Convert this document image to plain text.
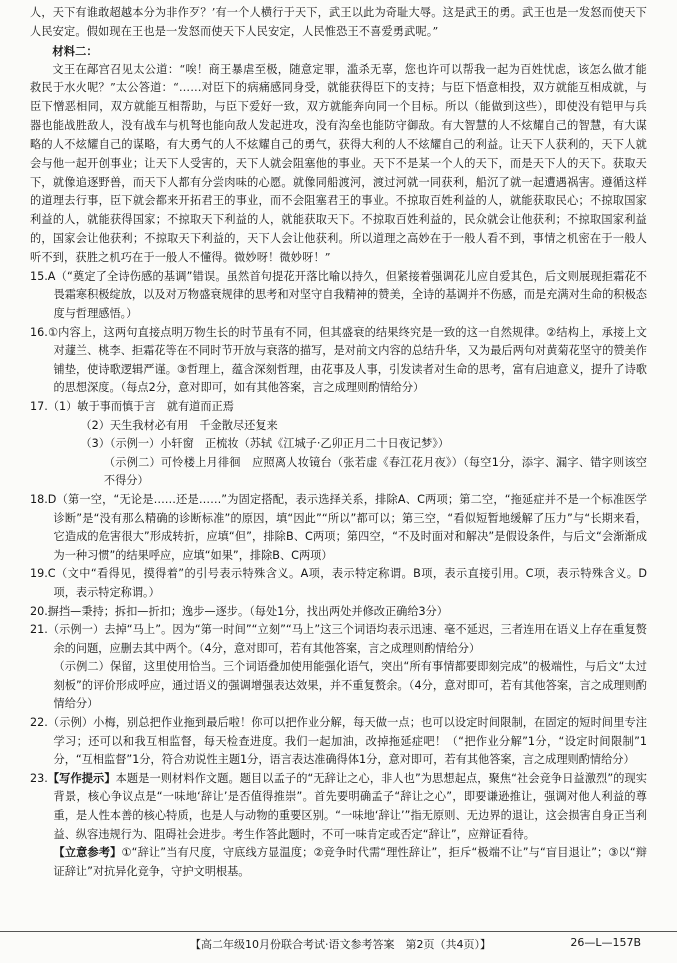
人，天下有谁敢超越本分为非作歹？’有一个人横行于天下，武王以此为奇耻大辱。这是武王的勇。武王也是一发怒而使天下人民安定。假如现在王也是一发怒而使天下人民安定，人民惟恐王不喜爱勇武呢。”

材料二：

文王在鄗宫召见太公道：“唉！商王暴虐至极，随意定罪，滥杀无辜，您也许可以帮我一起为百姓忧虑，该怎么做才能救民于水火呢？”太公答道：“……对臣下的病痛感同身受，就能获得臣下的支持；与臣下悟意相投，双方就能互相成就，与臣下憎恶相同，双方就能互相帮助，与臣下爱好一致，双方就能奔向同一个目标。所以（能做到这些），即使没有铠甲与兵器也能战胜敌人，没有战车与机弩也能向敌人发起进攻，没有沟垒也能防守御敌。有大智慧的人不炫耀自己的智慧，有大谋略的人不炫耀自己的谋略，有大勇气的人不炫耀自己的勇气，获得大利的人不炫耀自己的利益。让天下人获利的，天下人就会与他一起开创事业；让天下人受害的，天下人就会阻塞他的事业。天下不是某一个人的天下，而是天下人的天下。获取天下，就像追逐野兽，而天下人都有分尝肉味的心愿。就像同船渡河，渡过河就一同获利，船沉了就一起遭遇祸害。遵循这样的道理去行事，臣下就会都来开拓君王的事业，而不会阻塞君王的事业。不掠取百姓利益的人，就能获取民心；不掠取国家利益的人，就能获得国家；不掠取天下利益的人，就能获取天下。不掠取百姓利益的，民众就会让他获利；不掠取国家利益的，国家会让他获利；不掠取天下利益的，天下人会让他获利。所以道理之高妙在于一般人看不到，事情之机密在于一般人听不到，获胜之机巧在于一般人不懂得。微妙呀！微妙呀！”

15.A（“奠定了全诗伤感的基调”错误。虽然首句提花开落比喻以持久，但紧接着强调花儿应自爱其色，后文则展现拒霜花不畏霜寒积极绽放，以及对万物盛衰规律的思考和对坚守自我精神的赞美，全诗的基调并不伤感，而是充满对生命的积极态度与哲理感悟。）
16.①内容上，这两句直接点明万物生长的时节虽有不同，但其盛衰的结果终究是一致的这一自然规律。②结构上，承接上文对蘧兰、桃李、拒霜花等在不同时节开放与衰落的描写，是对前文内容的总结升华，又为最后两句对黄菊花坚守的赞美作铺垫，使诗歌逻辑严谨。③哲理上，蕴含深刻哲理，由花事及人事，引发读者对生命的思考，富有启迪意义，提升了诗歌的思想深度。（每点2分，意对即可，如有其他答案，言之成理则酌情给分）
17.（1）敏于事而慎于言　就有道而正焉
（2）天生我材必有用　千金散尽还复来
（3）（示例一）小轩窗　正梳妆（苏轼《江城子·乙卯正月二十日夜记梦》）
（示例二）可怜楼上月徘徊　应照离人妆镜台（张若虚《春江花月夜》）（每空1分，添字、漏字、错字则该空不得分）
18.D（第一空，“无论是……还是……”为固定搭配，表示选择关系，排除A、C两项；第二空，“拖延症并不是一个标准医学诊断”是“没有那么精确的诊断标准”的原因，填“因此”“所以”都可以；第三空，“看似短暂地缓解了压力”与“长期来看，它造成的危害很大”形成转折，应填“但”，排除B、C两项；第四空，“不及时面对和解决”是假设条件，与后文“会渐渐成为一种习惯”的结果呼应，应填“如果”，排除B、C两项）
19.C（文中“看得见，摸得着”的引号表示特殊含义。A项，表示特定称谓。B项，表示直接引用。C项，表示特殊含义。D项，表示特定称谓。）
20.摒挡—秉持；拆扣—折扣；逸步—逐步。（每处1分，找出两处并修改正确给3分）
21.（示例一）去掉“马上”。因为“第一时间”“立刻”“马上”这三个词语均表示迅速、毫不延迟，三者连用在语义上存在重复赘余的问题，应删去其中两个。（4分，意对即可，若有其他答案，言之成理则酌情给分）
（示例二）保留，这里使用恰当。三个词语叠加使用能强化语气，突出“所有事情都要即刻完成”的极端性，与后文“太过刻板”的评价形成呼应，通过语义的强调增强表达效果，并不重复赘余。（4分，意对即可，若有其他答案，言之成理则酌情给分）
22.（示例）小梅，别总把作业拖到最后啦！你可以把作业分解，每天做一点；也可以设定时间限制，在固定的短时间里专注学习；还可以和我互相监督，每天检查进度。我们一起加油，改掉拖延症吧！（“把作业分解”1分，“设定时间限制”1分，“互相监督”1分，符合劝说性主题1分，语言表达准确得体1分，意对即可，若有其他答案，言之成理则酌情给分）
23.【写作提示】本题是一则材料作文题。题目以孟子的“无辞让之心，非人也”为思想起点，聚焦“社会竞争日益激烈”的现实背景，核心争议点是“一味地‘辞让’是否值得推崇”。首先要明确孟子“辞让之心”，即要谦逊推让，强调对他人利益的尊重，是人性本善的核心特质，也是人与动物的重要区别。“一味地‘辞让’”指无原则、无边界的退让，这会损害自身正当利益、纵容违规行为、阻碍社会进步。考生作答此题时，不可一味肯定或否定“辞让”，应辩证看待。
【立意参考】①“辞让”当有尺度，守底线方显温度；②竞争时代需“理性辞让”，拒斥“极端不让”与“盲目退让”；③以“辩证辞让”对抗异化竞争，守护文明根基。
【高二年级10月份联合考试·语文参考答案　第2页（共4页）】	26—L—157B
